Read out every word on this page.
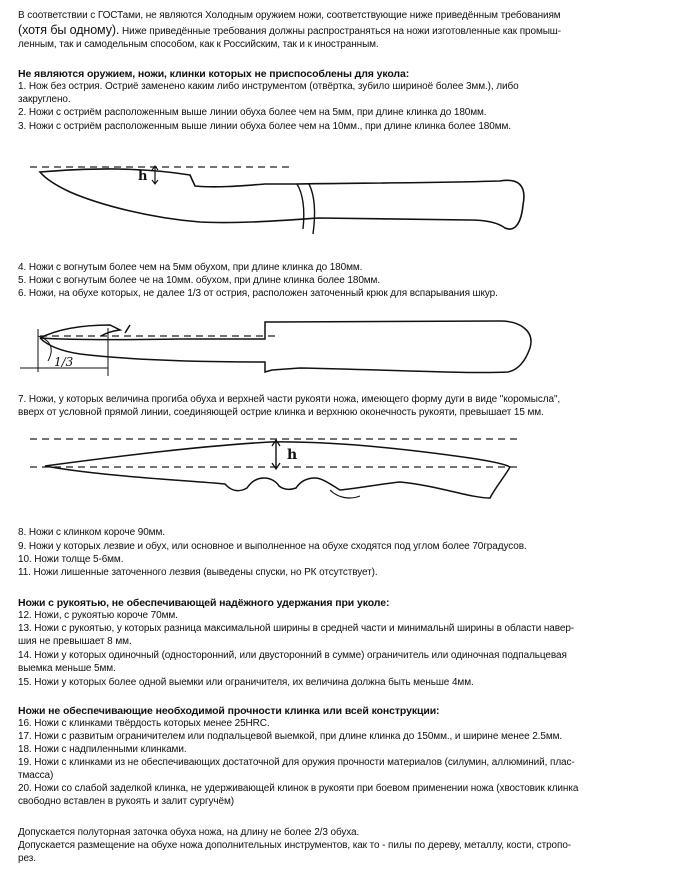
В соответствии с ГОСТами, не являются Холодным оружием ножи, соответствующие ниже приведённым требованиям
(хотя бы одному). Ниже приведённые требования должны распространяться на ножи изготовленные как промыш-
ленным, так и самодельным способом, как к Российским, так и к иностранным.
Не являются оружием, ножи, клинки которых не приспособлены для укола:
1. Нож без острия. Остриё заменено каким либо инструментом (отвёртка, зубило шириноё более 3мм.), либо
закруглено.
2. Ножи с остриём расположенным выше линии обуха более чем на 5мм, при длине клинка до 180мм.
3. Ножи с остриём расположенным выше линии обуха более чем на 10мм., при длине клинка более 180мм.
h
4. Ножи с вогнутым более чем на 5мм обухом, при длине клинка до 180мм.
5. Ножи с вогнутым более че на 10мм. обухом, при длине клинка более 180мм.
6. Ножи, на обухе которых, не далее 1/3 от острия, расположен заточенный крюк для вспарывания шкур.
1/3
7. Ножи, у которых величина прогиба обуха и верхней части рукояти ножа, имеющего форму дуги в виде "коромысла",
вверх от условной прямой линии, соединяющей острие клинка и верхнюю оконечность рукояти, превышает 15 мм.
h
8. Ножи с клинком короче 90мм.
9. Ножи у которых лезвие и обух, или основное и выполненное на обухе сходятся под углом более 70градусов.
10. Ножи толще 5-6мм.
11. Ножи лишенные заточенного лезвия (выведены спуски, но РК отсутствует).
Ножи с рукоятью, не обеспечивающей надёжного удержания при уколе:
12. Ножи, с рукоятью короче 70мм.
13. Ножи с рукоятью, у которых разница максимальной ширины в средней части и минимальнй ширины в области навер-
шия не превышает 8 мм.
14. Ножи у которых одиночный (односторонний, или двусторонний в сумме) ограничитель или одиночная подпальцевая
выемка меньше 5мм.
15. Ножи у которых более одной выемки или ограничителя, их величина должна быть меньше 4мм.
Ножи не обеспечивающие необходимой прочности клинка или всей конструкции:
16. Ножи с клинками твёрдость которых менее 25HRC.
17. Ножи с развитым ограничителем или подпальцевой выемкой, при длине клинка до 150мм., и ширине менее 2.5мм.
18. Ножи с надпиленными клинками.
19. Ножи с клинками из не обеспечивающих достаточной для оружия прочности материалов (силумин, аллюминий, плас-
тмасса)
20. Ножи со слабой заделкой клинка, не удерживающей клинок в рукояти при боевом применении ножа (хвостовик клинка
свободно вставлен в рукоять и залит сургучём)
Допускается полуторная заточка обуха ножа, на длину не более 2/3 обуха.
Допускается размещение на обухе ножа дополнительных инструментов, как то - пилы по дереву, металлу, кости, стропо-
рез.
